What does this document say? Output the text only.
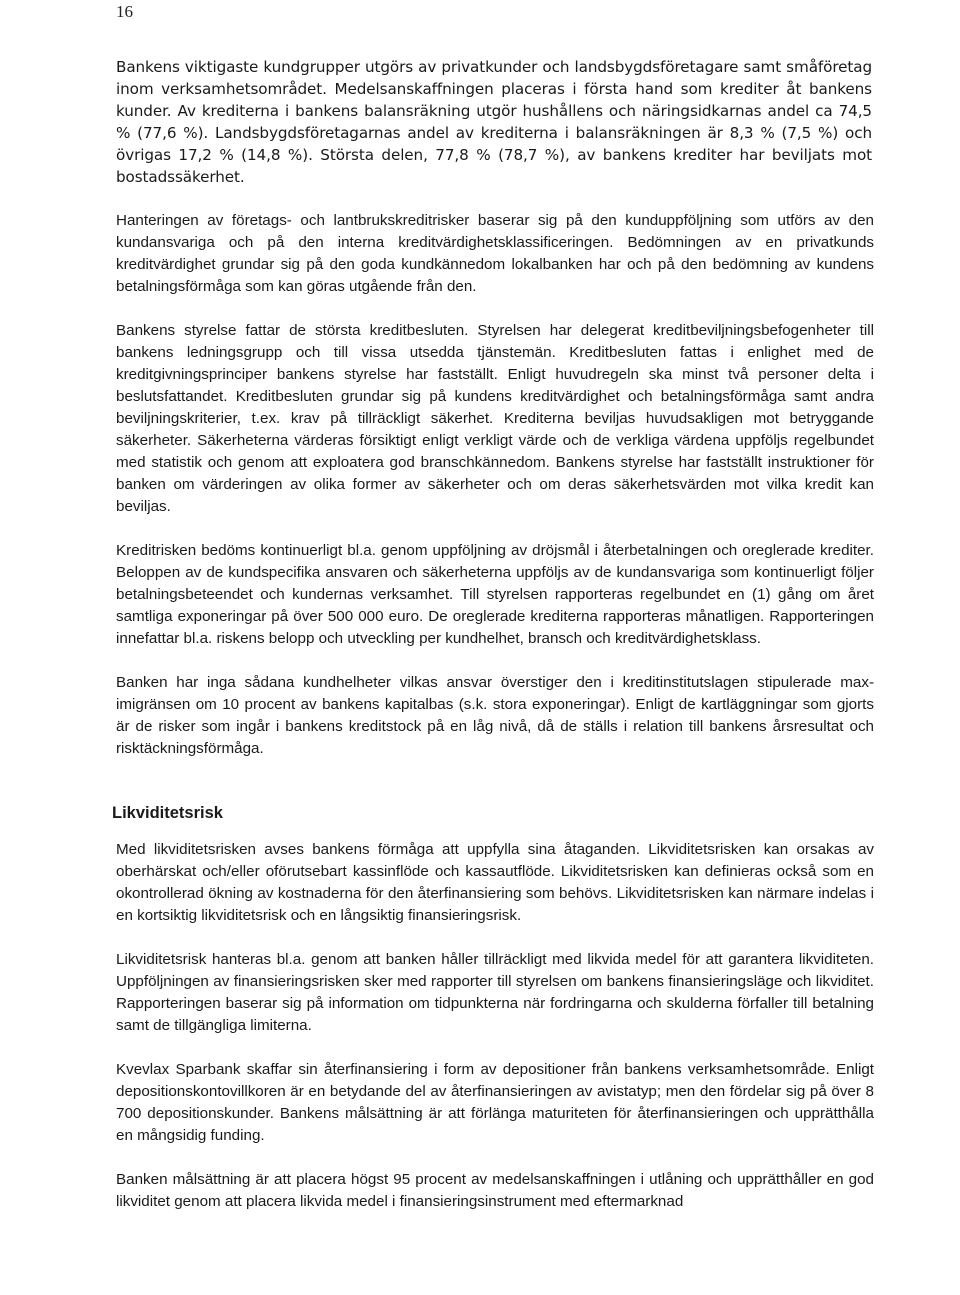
16

Bankens viktigaste kundgrupper utgörs av privatkunder och landsbygdsföretagare samt småföretag inom verksamhetsområdet. Medelsanskaffningen placeras i första hand som krediter åt bankens kunder. Av krediterna i bankens balansräkning utgör hushållens och näringsidkarnas andel ca 74,5 % (77,6 %). Landsbygdsföretagarnas andel av krediterna i balansräkningen är 8,3 % (7,5 %) och övrigas 17,2 % (14,8 %). Största delen, 77,8 % (78,7 %), av bankens krediter har beviljats mot bostadssäkerhet.

Hanteringen av företags- och lantbrukskreditrisker baserar sig på den kunduppföljning som utförs av den kundansvariga och på den interna kreditvärdighetsklassificeringen. Bedömningen av en privatkunds kreditvärdighet grundar sig på den goda kundkännedom lokalbanken har och på den bedömning av kundens betalningsförmåga som kan göras utgående från den.

Bankens styrelse fattar de största kreditbesluten. Styrelsen har delegerat kreditbeviljningsbefogenheter till bankens ledningsgrupp och till vissa utsedda tjänstemän. Kreditbesluten fattas i enlighet med de kreditgivningsprinciper bankens styrelse har fastställt. Enligt huvudregeln ska minst två personer delta i beslutsfattandet. Kreditbesluten grundar sig på kundens kreditvärdighet och betalningsförmåga samt andra beviljningskriterier, t.ex. krav på tillräckligt säkerhet. Krediterna beviljas huvudsakligen mot betryggande säkerheter. Säkerheterna värderas försiktigt enligt verkligt värde och de verkliga värdena uppföljs regelbundet med statistik och genom att exploatera god branschkännedom. Bankens styrelse har fastställt instruktioner för banken om värderingen av olika former av säkerheter och om deras säkerhetsvärden mot vilka kredit kan beviljas.

Kreditrisken bedöms kontinuerligt bl.a. genom uppföljning av dröjsmål i återbetalningen och oreglerade krediter. Beloppen av de kundspecifika ansvaren och säkerheterna uppföljs av de kundansvariga som kontinuerligt följer betalningsbeteendet och kundernas verksamhet. Till styrelsen rapporteras regelbundet en (1) gång om året samtliga exponeringar på över 500 000 euro. De oreglerade krediterna rapporteras månatligen. Rapporteringen innefattar bl.a. riskens belopp och utveckling per kundhelhet, bransch och kreditvärdighetsklass.

Banken har inga sådana kundhelheter vilkas ansvar överstiger den i kreditinstitutslagen stipulerade maximigränsen om 10 procent av bankens kapitalbas (s.k. stora exponeringar). Enligt de kartläggningar som gjorts är de risker som ingår i bankens kreditstock på en låg nivå, då de ställs i relation till bankens årsresultat och risktäckningsförmåga.

Likviditetsrisk

Med likviditetsrisken avses bankens förmåga att uppfylla sina åtaganden. Likviditetsrisken kan orsakas av oberhärskat och/eller oförutsebart kassinflöde och kassautflöde. Likviditetsrisken kan definieras också som en okontrollerad ökning av kostnaderna för den återfinansiering som behövs. Likviditetsrisken kan närmare indelas i en kortsiktig likviditetsrisk och en långsiktig finansieringsrisk.

Likviditetsrisk hanteras bl.a. genom att banken håller tillräckligt med likvida medel för att garantera likviditeten. Uppföljningen av finansieringsrisken sker med rapporter till styrelsen om bankens finansieringsläge och likviditet. Rapporteringen baserar sig på information om tidpunkterna när fordringarna och skulderna förfaller till betalning samt de tillgängliga limiterna.

Kvevlax Sparbank skaffar sin återfinansiering i form av depositioner från bankens verksamhetsområde. Enligt depositionskontovillkoren är en betydande del av återfinansieringen av avistatyp; men den fördelar sig på över 8 700 depositionskunder. Bankens målsättning är att förlänga maturiteten för återfinansieringen och upprätthålla en mångsidig funding.

Banken målsättning är att placera högst 95 procent av medelsanskaffningen i utlåning och upprätthåller en god likviditet genom att placera likvida medel i finansieringsinstrument med eftermarknad
